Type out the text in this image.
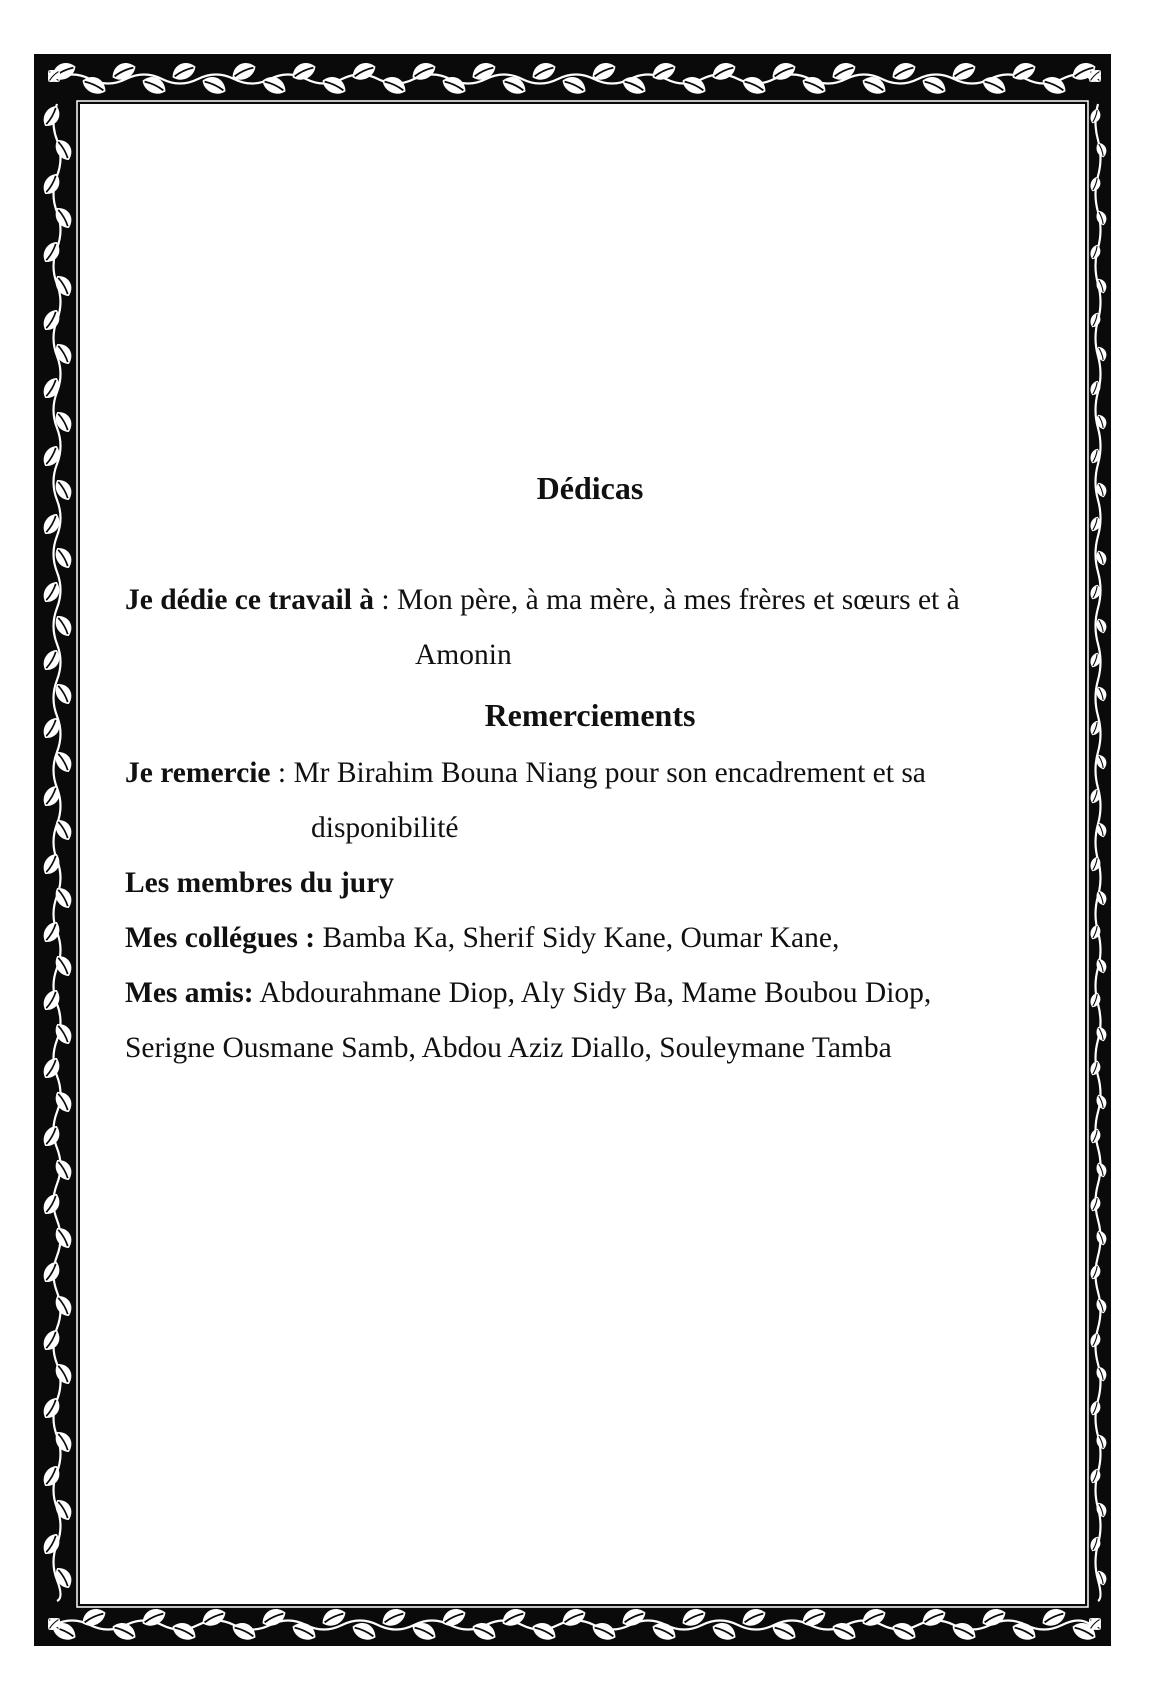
Dédicas
Je dédie ce travail à : Mon père, à ma mère, à mes frères et sœurs et à
Amonin
Remerciements
Je remercie : Mr Birahim Bouna Niang pour son encadrement et sa
disponibilité
Les membres du jury
Mes collégues : Bamba Ka, Sherif Sidy Kane, Oumar Kane,
Mes amis: Abdourahmane Diop, Aly Sidy Ba, Mame Boubou Diop,
Serigne Ousmane Samb, Abdou Aziz Diallo, Souleymane Tamba
